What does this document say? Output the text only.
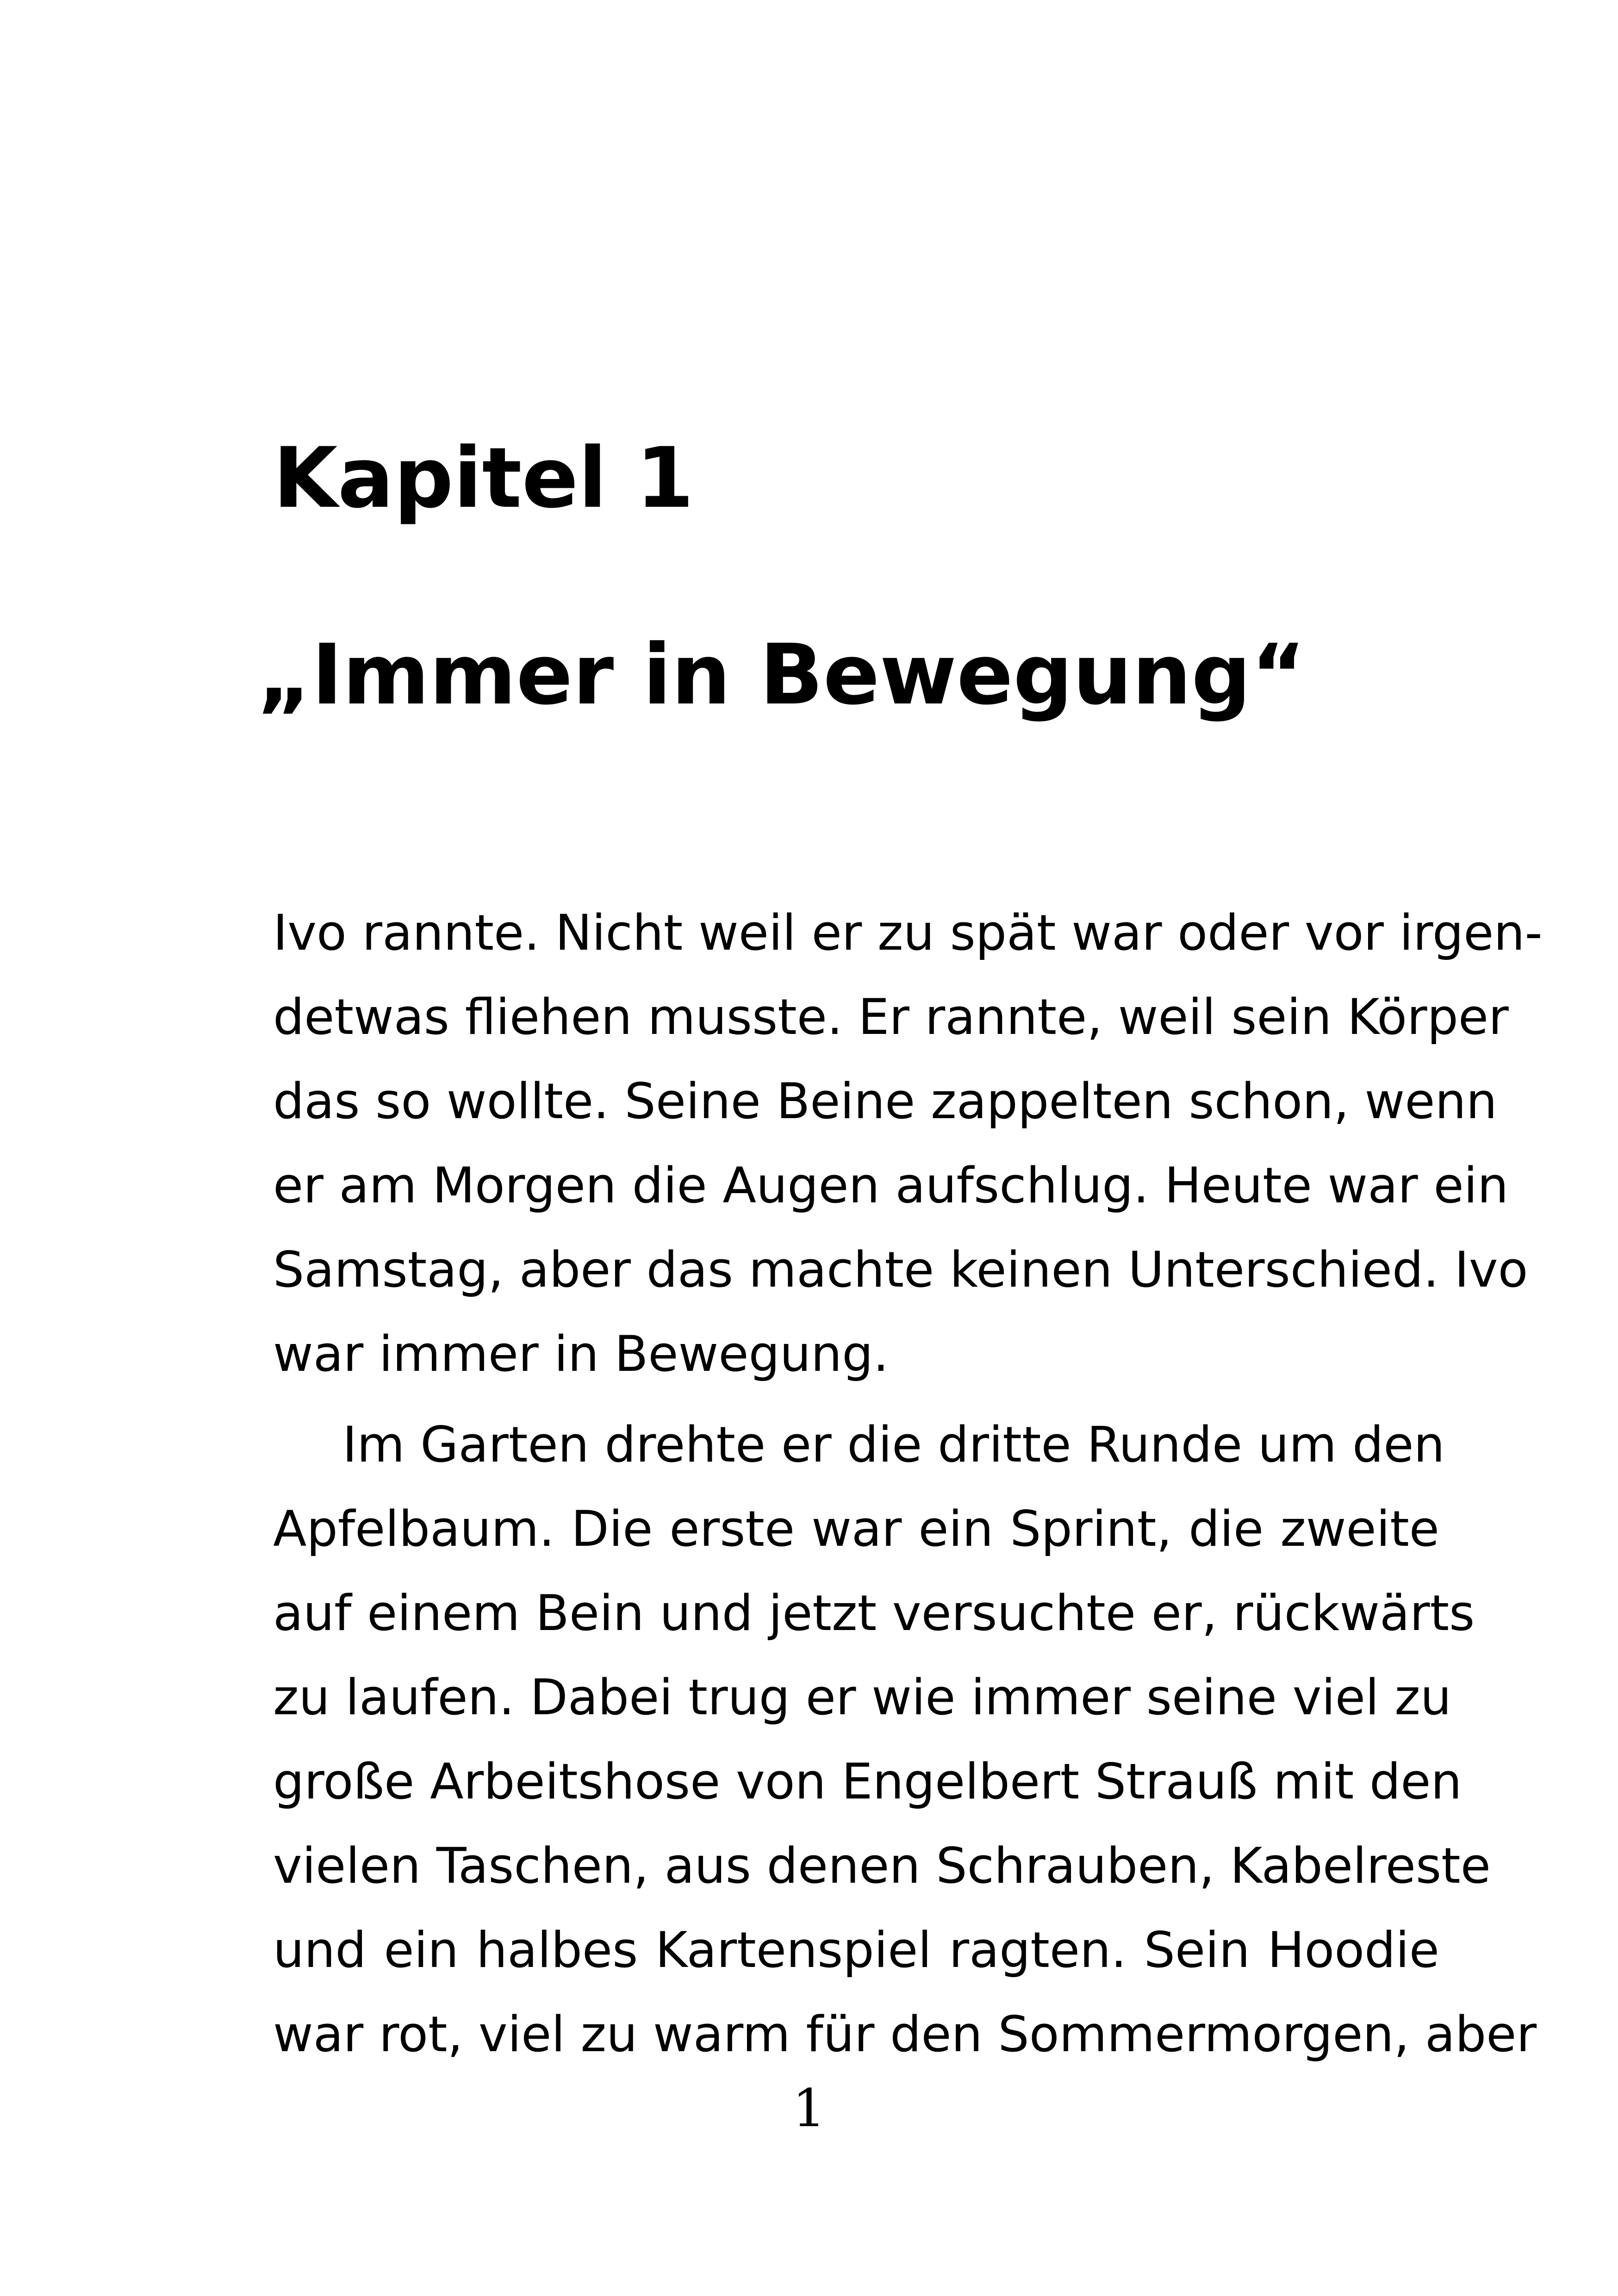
Kapitel 1
„Immer in Bewegung“
Ivo rannte. Nicht weil er zu spät war oder vor irgen-
detwas fliehen musste. Er rannte, weil sein Körper
das so wollte. Seine Beine zappelten schon, wenn
er am Morgen die Augen aufschlug. Heute war ein
Samstag, aber das machte keinen Unterschied. Ivo
war immer in Bewegung.
Im Garten drehte er die dritte Runde um den
Apfelbaum. Die erste war ein Sprint, die zweite
auf einem Bein und jetzt versuchte er, rückwärts
zu laufen. Dabei trug er wie immer seine viel zu
große Arbeitshose von Engelbert Strauß mit den
vielen Taschen, aus denen Schrauben, Kabelreste
und ein halbes Kartenspiel ragten. Sein Hoodie
war rot, viel zu warm für den Sommermorgen, aber
1
